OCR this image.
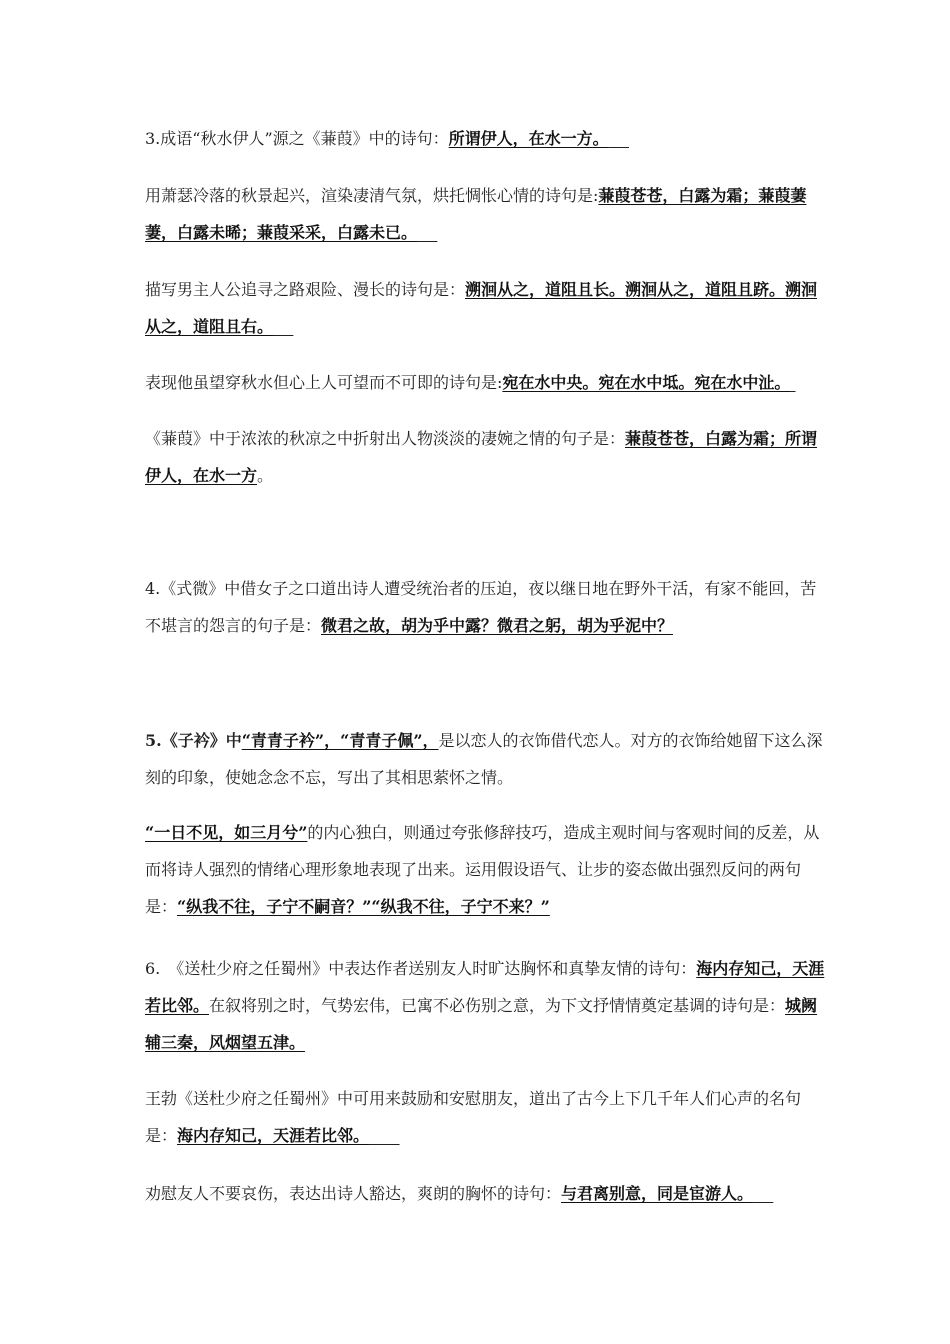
3.成语“秋水伊人”源之《蒹葭》中的诗句：所谓伊人，在水一方。
用萧瑟冷落的秋景起兴，渲染凄清气氛，烘托惆怅心情的诗句是:蒹葭苍苍，白露为霜；蒹葭萋萋，白露未晞；蒹葭采采，白露未已。
描写男主人公追寻之路艰险、漫长的诗句是：溯洄从之，道阻且长。溯洄从之，道阻且跻。溯洄从之，道阻且右。
表现他虽望穿秋水但心上人可望而不可即的诗句是:宛在水中央。宛在水中坻。宛在水中沚。
《蒹葭》中于浓浓的秋凉之中折射出人物淡淡的凄婉之情的句子是：蒹葭苍苍，白露为霜；所谓伊人，在水一方。
4.《式微》中借女子之口道出诗人遭受统治者的压迫，夜以继日地在野外干活，有家不能回，苦不堪言的怨言的句子是：微君之故，胡为乎中露？微君之躬，胡为乎泥中？
5.《子衿》中“青青子衿”，“青青子佩”，是以恋人的衣饰借代恋人。对方的衣饰给她留下这么深刻的印象，使她念念不忘，写出了其相思萦怀之情。
“一日不见，如三月兮”的内心独白，则通过夸张修辞技巧，造成主观时间与客观时间的反差，从而将诗人强烈的情绪心理形象地表现了出来。运用假设语气、让步的姿态做出强烈反问的两句是：“纵我不往，子宁不嗣音？”“纵我不往，子宁不来？”
6.　《送杜少府之任蜀州》中表达作者送别友人时旷达胸怀和真挚友情的诗句：海内存知己，天涯若比邻。在叙将别之时，气势宏伟，已寓不必伤别之意，为下文抒情情奠定基调的诗句是：城阙辅三秦，风烟望五津。
王勃《送杜少府之任蜀州》中可用来鼓励和安慰朋友，道出了古今上下几千年人们心声的名句是：海内存知己，天涯若比邻。
劝慰友人不要哀伤，表达出诗人豁达，爽朗的胸怀的诗句：与君离别意，同是宦游人。
